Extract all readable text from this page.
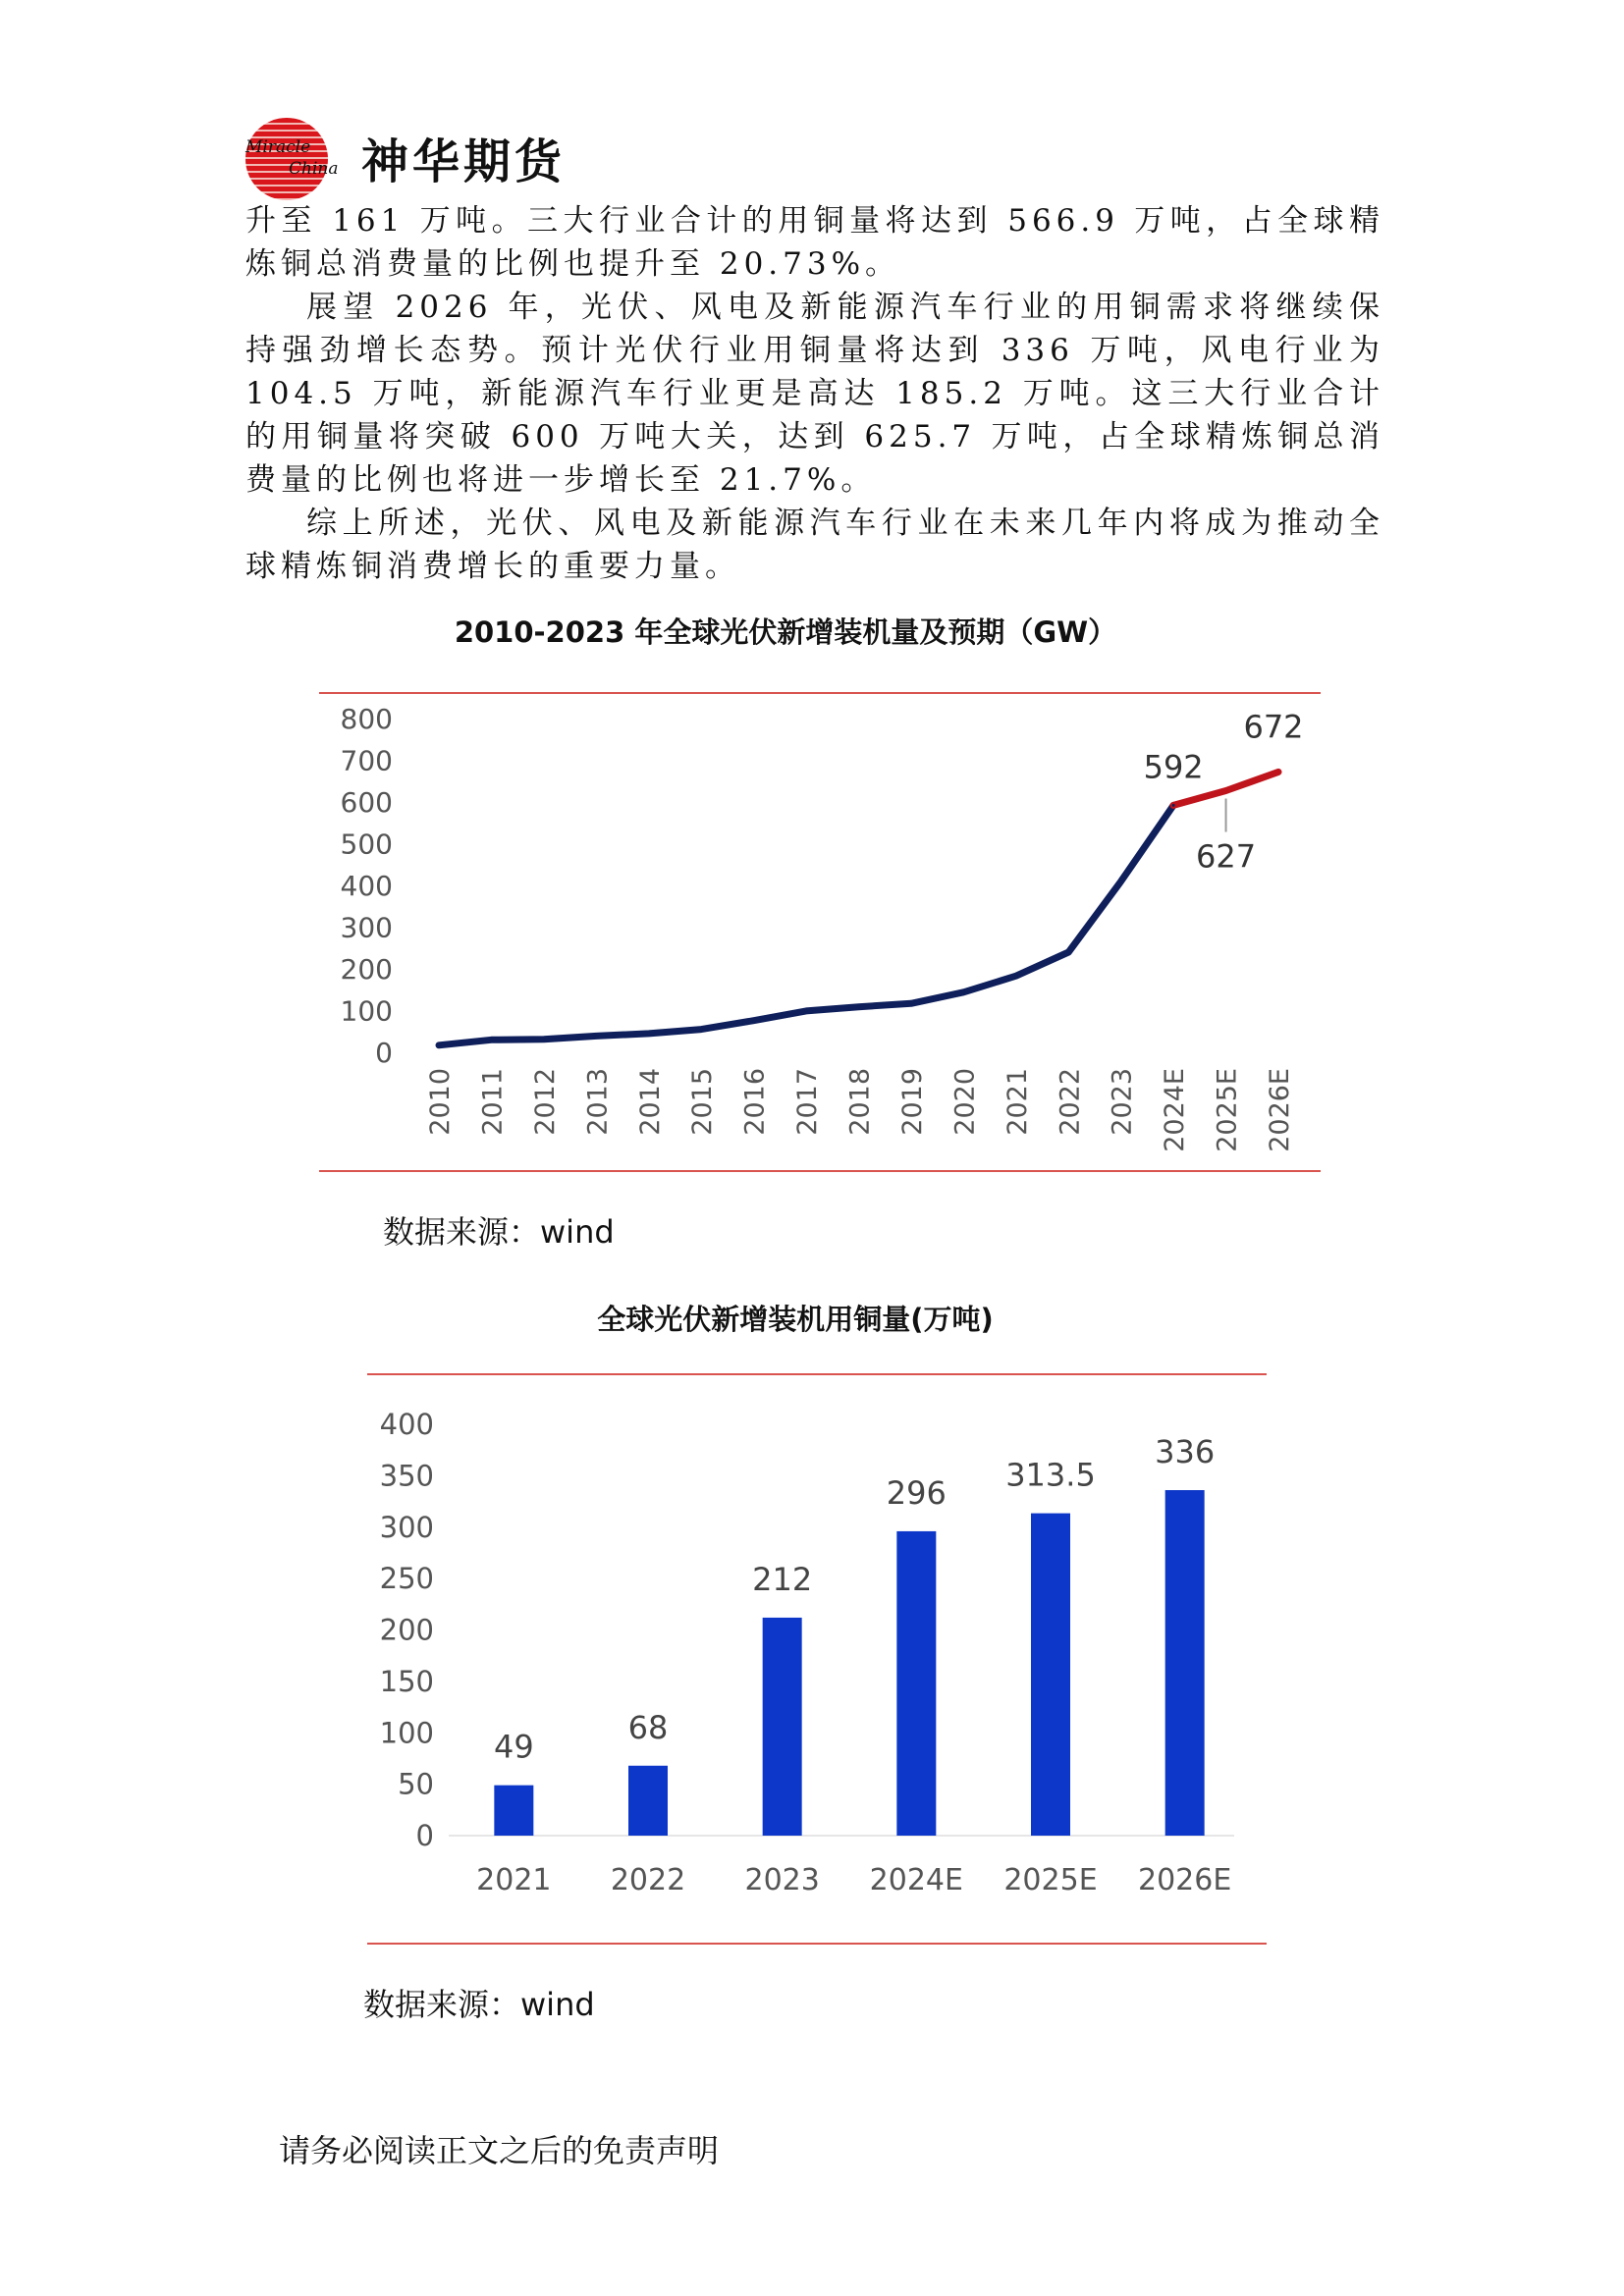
Miracle
China 神华期货

升至 161 万吨。三大行业合计的用铜量将达到 566.9 万吨，占全球精炼铜总消费量的比例也提升至 20.73%。

展望 2026 年，光伏、风电及新能源汽车行业的用铜需求将继续保持强劲增长态势。预计光伏行业用铜量将达到 336 万吨，风电行业为 104.5 万吨，新能源汽车行业更是高达 185.2 万吨。这三大行业合计的用铜量将突破 600 万吨大关，达到 625.7 万吨，占全球精炼铜总消费量的比例也将进一步增长至 21.7%。

综上所述，光伏、风电及新能源汽车行业在未来几年内将成为推动全球精炼铜消费增长的重要力量。

2010-2023 年全球光伏新增装机量及预期（GW）
0
100
200
300
400
500
600
700
800
2010 2011 2012 2013 2014 2015 2016 2017 2018 2019 2020 2021 2022 2023 2024E 2025E 2026E
592
627
672
数据来源：wind
全球光伏新增装机用铜量(万吨)
0
50
100
150
200
250
300
350
400
49
2021
68
2022
212
2023
296
2024E
313.5
2025E
336
2026E
数据来源：wind
请务必阅读正文之后的免责声明
